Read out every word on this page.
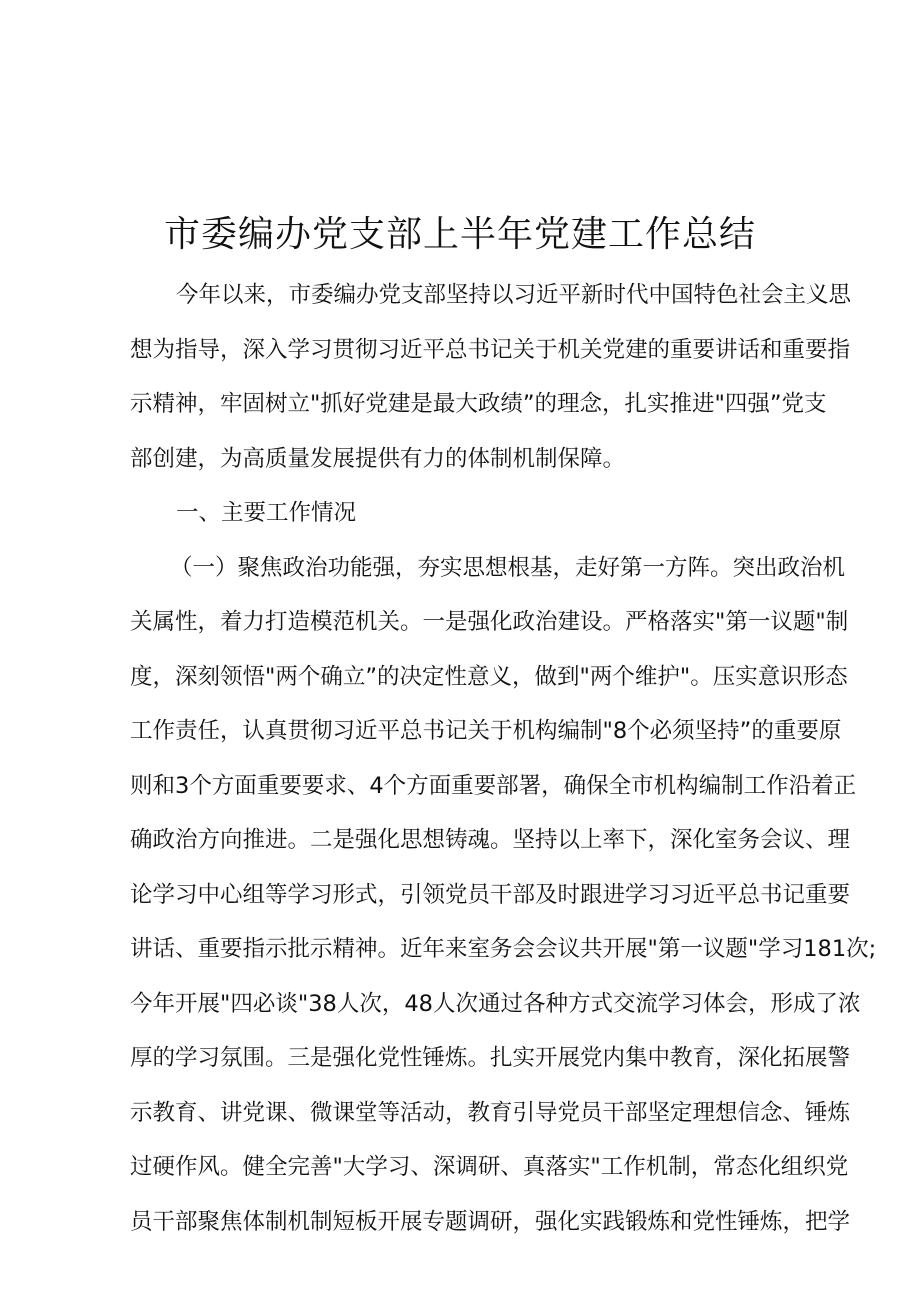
市委编办党支部上半年党建工作总结
今年以来，市委编办党支部坚持以习近平新时代中国特色社会主义思
想为指导，深入学习贯彻习近平总书记关于机关党建的重要讲话和重要指
示精神，牢固树立"抓好党建是最大政绩”的理念，扎实推进"四强”党支
部创建，为高质量发展提供有力的体制机制保障。
一、主要工作情况
（一）聚焦政治功能强，夯实思想根基，走好第一方阵。突出政治机
关属性，着力打造模范机关。一是强化政治建设。严格落实"第一议题"制
度，深刻领悟"两个确立”的决定性意义，做到"两个维护"。压实意识形态
工作责任，认真贯彻习近平总书记关于机构编制"8个必须坚持”的重要原
则和3个方面重要要求、4个方面重要部署，确保全市机构编制工作沿着正
确政治方向推进。二是强化思想铸魂。坚持以上率下，深化室务会议、理
论学习中心组等学习形式，引领党员干部及时跟进学习习近平总书记重要
讲话、重要指示批示精神。近年来室务会会议共开展"第一议题"学习181次;
今年开展"四必谈"38人次，48人次通过各种方式交流学习体会，形成了浓
厚的学习氛围。三是强化党性锤炼。扎实开展党内集中教育，深化拓展警
示教育、讲党课、微课堂等活动，教育引导党员干部坚定理想信念、锤炼
过硬作风。健全完善"大学习、深调研、真落实"工作机制，常态化组织党
员干部聚焦体制机制短板开展专题调研，强化实践锻炼和党性锤炼，把学
